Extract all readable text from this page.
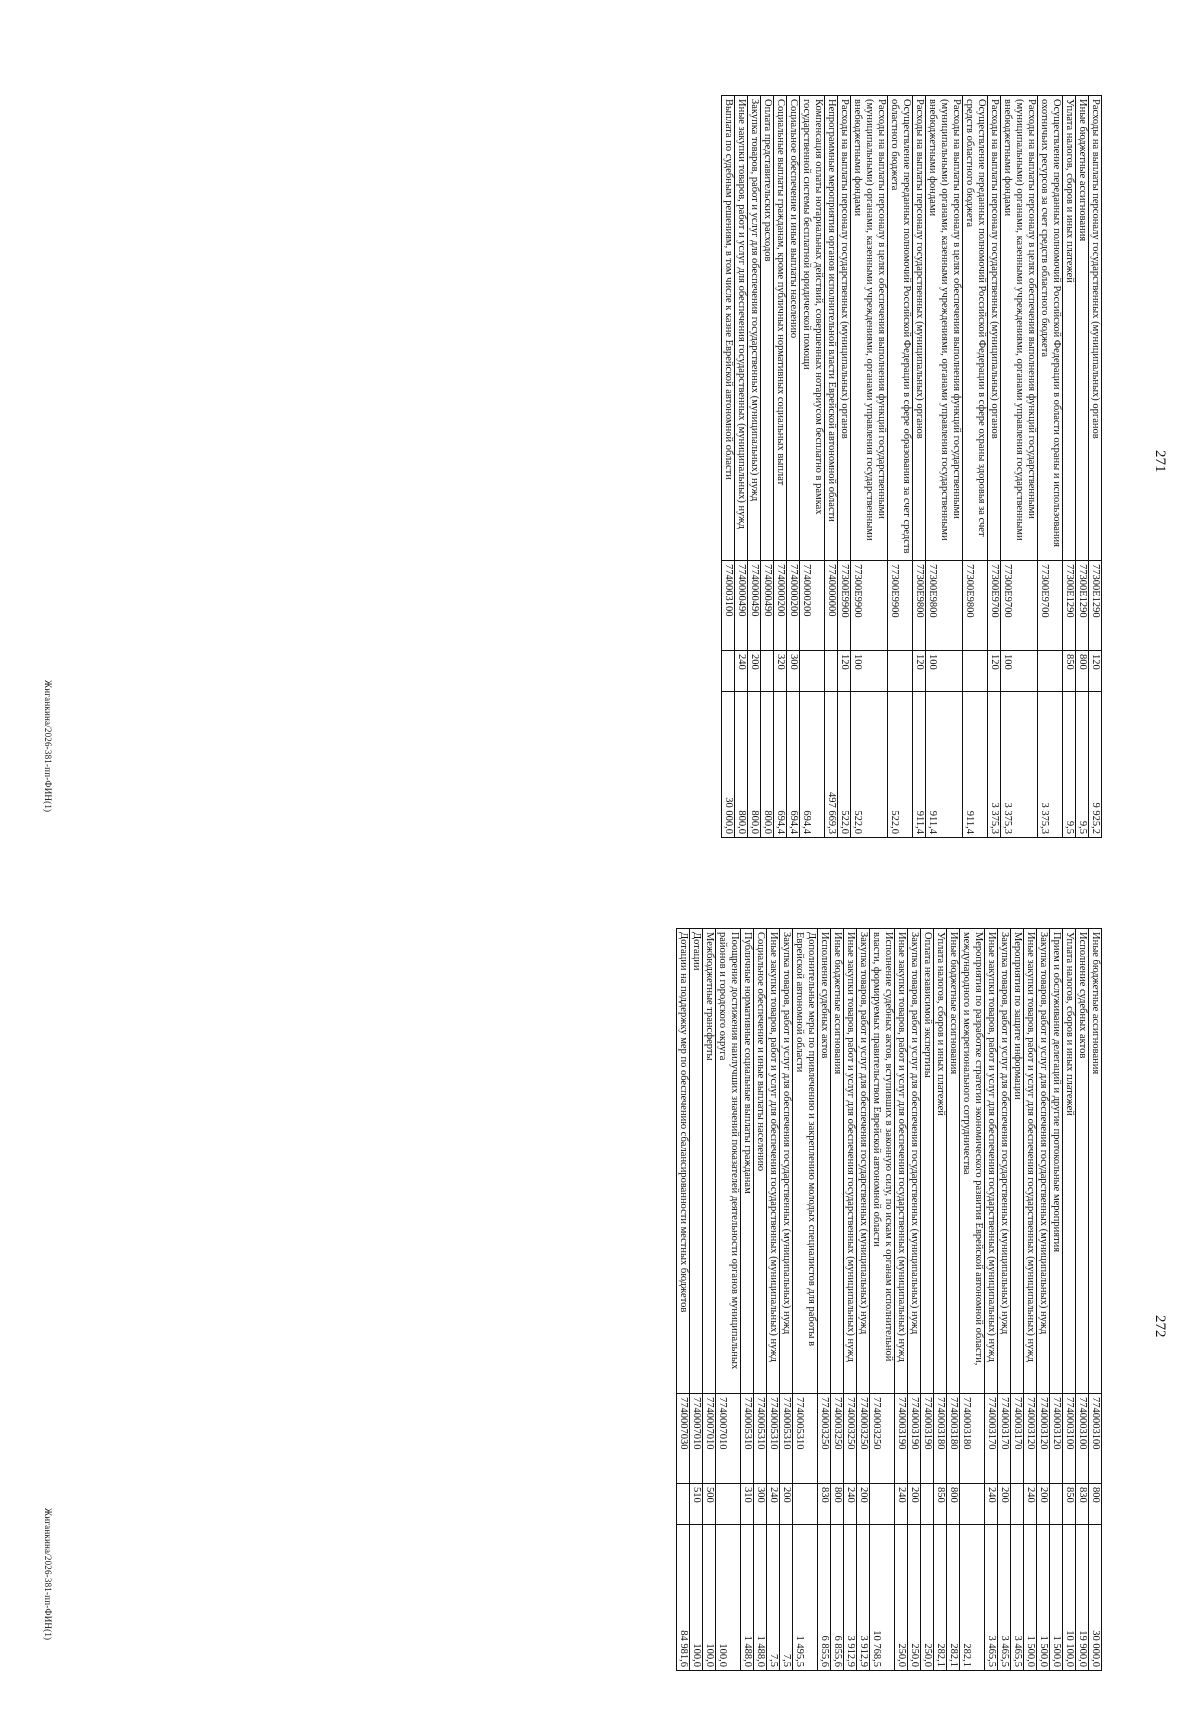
271
Расходы на выплаты персоналу государственных (муниципальных) органов	77300Е1290	120	9 925,2
Иные бюджетные ассигнования	77300Е1290	800	9,5
Уплата налогов, сборов и иных платежей	77300Е1290	850	9,5
Осуществление переданных полномочий Российской Федерации в области охраны и использования охотничьих ресурсов за счет средств областного бюджета	77300Е9700		3 375,3
Расходы на выплаты персоналу в целях обеспечения выполнения функций государственными (муниципальными) органами, казенными учреждениями, органами управления государственными внебюджетными фондами	77300Е9700	100	3 375,3
Расходы на выплаты персоналу государственных (муниципальных) органов	77300Е9700	120	3 375,3
Осуществление переданных полномочий Российской Федерации в сфере охраны здоровья за счет средств областного бюджета	77300Е9800		911,4
Расходы на выплаты персоналу в целях обеспечения выполнения функций государственными (муниципальными) органами, казенными учреждениями, органами управления государственными внебюджетными фондами	77300Е9800	100	911,4
Расходы на выплаты персоналу государственных (муниципальных) органов	77300Е9800	120	911,4
Осуществление переданных полномочий Российской Федерации в сфере образования за счет средств областного бюджета	77300Е9900		522,0
Расходы на выплаты персоналу в целях обеспечения выполнения функций государственными (муниципальными) органами, казенными учреждениями, органами управления государственными внебюджетными фондами	77300Е9900	100	522,0
Расходы на выплаты персоналу государственных (муниципальных) органов	77300Е9900	120	522,0
Непрограммные мероприятия органов исполнительной власти Еврейской автономной области	7740000000		497 669,3
Компенсация оплаты нотариальных действий, совершенных нотариусом бесплатно в рамках государственной системы бесплатной юридической помощи	7740000200		694,4
Социальное обеспечение и иные выплаты населению	7740000200	300	694,4
Социальные выплаты гражданам, кроме публичных нормативных социальных выплат	7740000200	320	694,4
Оплата представительских расходов	7740000490		800,0
Закупка товаров, работ и услуг для обеспечения государственных (муниципальных) нужд	7740000490	200	800,0
Иные закупки товаров, работ и услуг для обеспечения государственных (муниципальных) нужд	7740000490	240	800,0
Выплата по судебным решениям, в том числе к казне Еврейской автономной области	7740003100		30 000,0
Жиганкина/2026-381-пп-ФИН(1)
272
Иные бюджетные ассигнования	7740003100	800	30 000,0
Исполнение судебных актов	7740003100	830	19 900,0
Уплата налогов, сборов и иных платежей	7740003100	850	10 100,0
Прием и обслуживание делегаций и другие протокольные мероприятия	7740003120		1 500,0
Закупка товаров, работ и услуг для обеспечения государственных (муниципальных) нужд	7740003120	200	1 500,0
Иные закупки товаров, работ и услуг для обеспечения государственных (муниципальных) нужд	7740003120	240	1 500,0
Мероприятия по защите информации	7740003170		3 465,5
Закупка товаров, работ и услуг для обеспечения государственных (муниципальных) нужд	7740003170	200	3 465,5
Иные закупки товаров, работ и услуг для обеспечения государственных (муниципальных) нужд	7740003170	240	3 465,5
Мероприятия по разработке стратегии экономического развития Еврейской автономной области, международного и межрегионального сотрудничества	7740003180		282,1
Иные бюджетные ассигнования	7740003180	800	282,1
Уплата налогов, сборов и иных платежей	7740003180	850	282,1
Оплата независимой экспертизы	7740003190		250,0
Закупка товаров, работ и услуг для обеспечения государственных (муниципальных) нужд	7740003190	200	250,0
Иные закупки товаров, работ и услуг для обеспечения государственных (муниципальных) нужд	7740003190	240	250,0
Исполнение судебных актов, вступивших в законную силу, по искам к органам исполнительной власти, формируемых правительством Еврейской автономной области	7740003250		10 768,5
Закупка товаров, работ и услуг для обеспечения государственных (муниципальных) нужд	7740003250	200	3 912,9
Иные закупки товаров, работ и услуг для обеспечения государственных (муниципальных) нужд	7740003250	240	3 912,9
Иные бюджетные ассигнования	7740003250	800	6 855,6
Исполнение судебных актов	7740003250	830	6 855,6
Дополнительные меры по привлечению и закреплению молодых специалистов для работы в Еврейской автономной области	7740005310		1 495,5
Закупка товаров, работ и услуг для обеспечения государственных (муниципальных) нужд	7740005310	200	7,5
Иные закупки товаров, работ и услуг для обеспечения государственных (муниципальных) нужд	7740005310	240	7,5
Социальное обеспечение и иные выплаты населению	7740005310	300	1 488,0
Публичные нормативные социальные выплаты гражданам	7740005310	310	1 488,0
Поощрение достижения наилучших значений показателей деятельности органов муниципальных районов и городского округа	7740007010		100,0
Межбюджетные трансферты	7740007010	500	100,0
Дотации	7740007010	510	100,0
Дотации на поддержку мер по обеспечению сбалансированности местных бюджетов	7740007030		84 981,6
Жиганкина/2026-381-пп-ФИН(1)
